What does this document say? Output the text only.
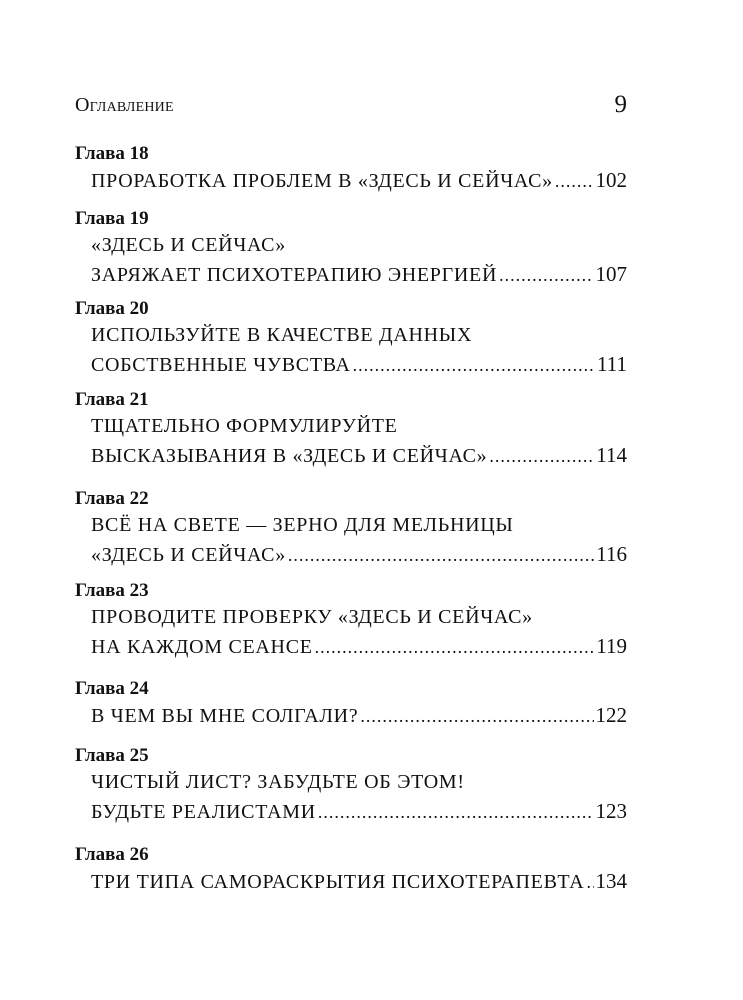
Оглавление	9
Глава 18
ПРОРАБОТКА ПРОБЛЕМ В «ЗДЕСЬ И СЕЙЧАС» ..... 102
Глава 19
«ЗДЕСЬ И СЕЙЧАС»
ЗАРЯЖАЕТ ПСИХОТЕРАПИЮ ЭНЕРГИЕЙ .....	107
Глава 20
ИСПОЛЬЗУЙТЕ В КАЧЕСТВЕ ДАННЫХ
СОБСТВЕННЫЕ ЧУВСТВА .....	111
Глава 21
ТЩАТЕЛЬНО ФОРМУЛИРУЙТЕ
ВЫСКАЗЫВАНИЯ В «ЗДЕСЬ И СЕЙЧАС» .....	114
Глава 22
ВСЁ НА СВЕТЕ — ЗЕРНО ДЛЯ МЕЛЬНИЦЫ
«ЗДЕСЬ И СЕЙЧАС» .....	116
Глава 23
ПРОВОДИТЕ ПРОВЕРКУ «ЗДЕСЬ И СЕЙЧАС»
НА КАЖДОМ СЕАНСЕ .....	119
Глава 24
В ЧЕМ ВЫ МНЕ СОЛГАЛИ? .....	122
Глава 25
ЧИСТЫЙ ЛИСТ? ЗАБУДЬТЕ ОБ ЭТОМ!
БУДЬТЕ РЕАЛИСТАМИ .....	123
Глава 26
ТРИ ТИПА САМОРАСКРЫТИЯ ПСИХОТЕРАПЕВТА ..... 134
